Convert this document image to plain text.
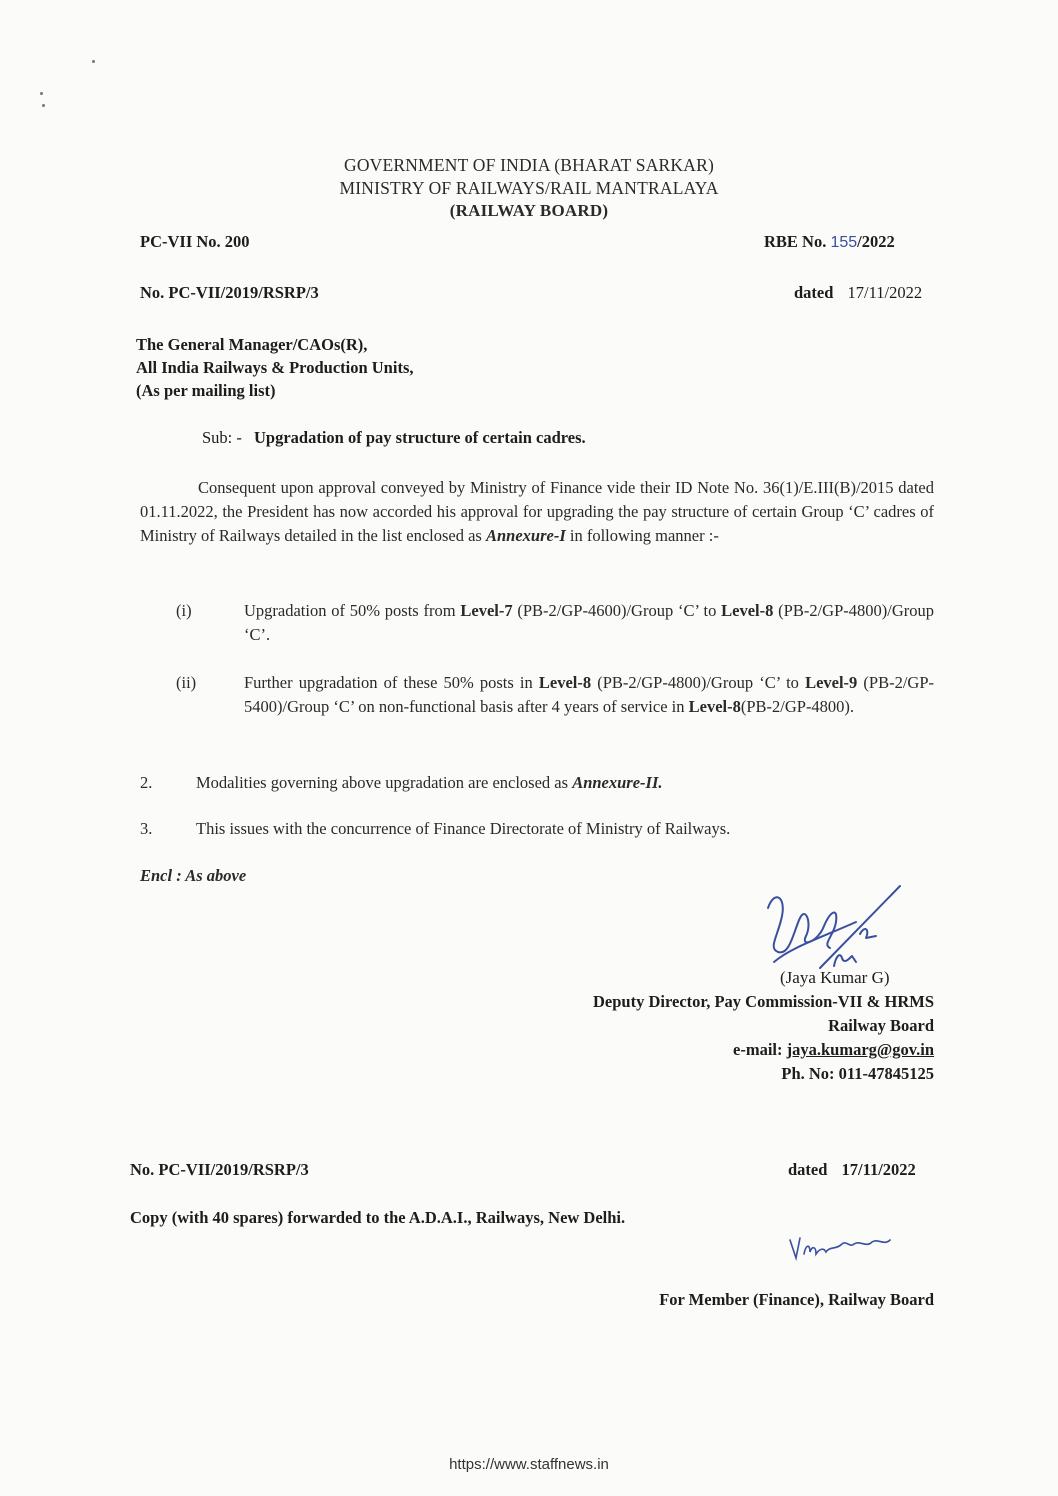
GOVERNMENT OF INDIA (BHARAT SARKAR)
MINISTRY OF RAILWAYS/RAIL MANTRALAYA
(RAILWAY BOARD)
PC-VII No. 200	RBE No. 155/2022
No. PC-VII/2019/RSRP/3	dated 17/11/2022
The General Manager/CAOs(R),
All India Railways & Production Units,
(As per mailing list)
Sub: - Upgradation of pay structure of certain cadres.
Consequent upon approval conveyed by Ministry of Finance vide their ID Note No. 36(1)/E.III(B)/2015 dated 01.11.2022, the President has now accorded his approval for upgrading the pay structure of certain Group ‘C’ cadres of Ministry of Railways detailed in the list enclosed as Annexure-I in following manner :-
(i)	Upgradation of 50% posts from Level-7 (PB-2/GP-4600)/Group ‘C’ to Level-8 (PB-2/GP-4800)/Group ‘C’.
(ii)	Further upgradation of these 50% posts in Level-8 (PB-2/GP-4800)/Group ‘C’ to Level-9 (PB-2/GP-5400)/Group ‘C’ on non-functional basis after 4 years of service in Level-8(PB-2/GP-4800).
2.	Modalities governing above upgradation are enclosed as Annexure-II.
3.	This issues with the concurrence of Finance Directorate of Ministry of Railways.
Encl : As above
(Jaya Kumar G)
Deputy Director, Pay Commission-VII & HRMS
Railway Board
e-mail: jaya.kumarg@gov.in
Ph. No: 011-47845125
No. PC-VII/2019/RSRP/3	dated 17/11/2022
Copy (with 40 spares) forwarded to the A.D.A.I., Railways, New Delhi.
For Member (Finance), Railway Board
https://www.staffnews.in
